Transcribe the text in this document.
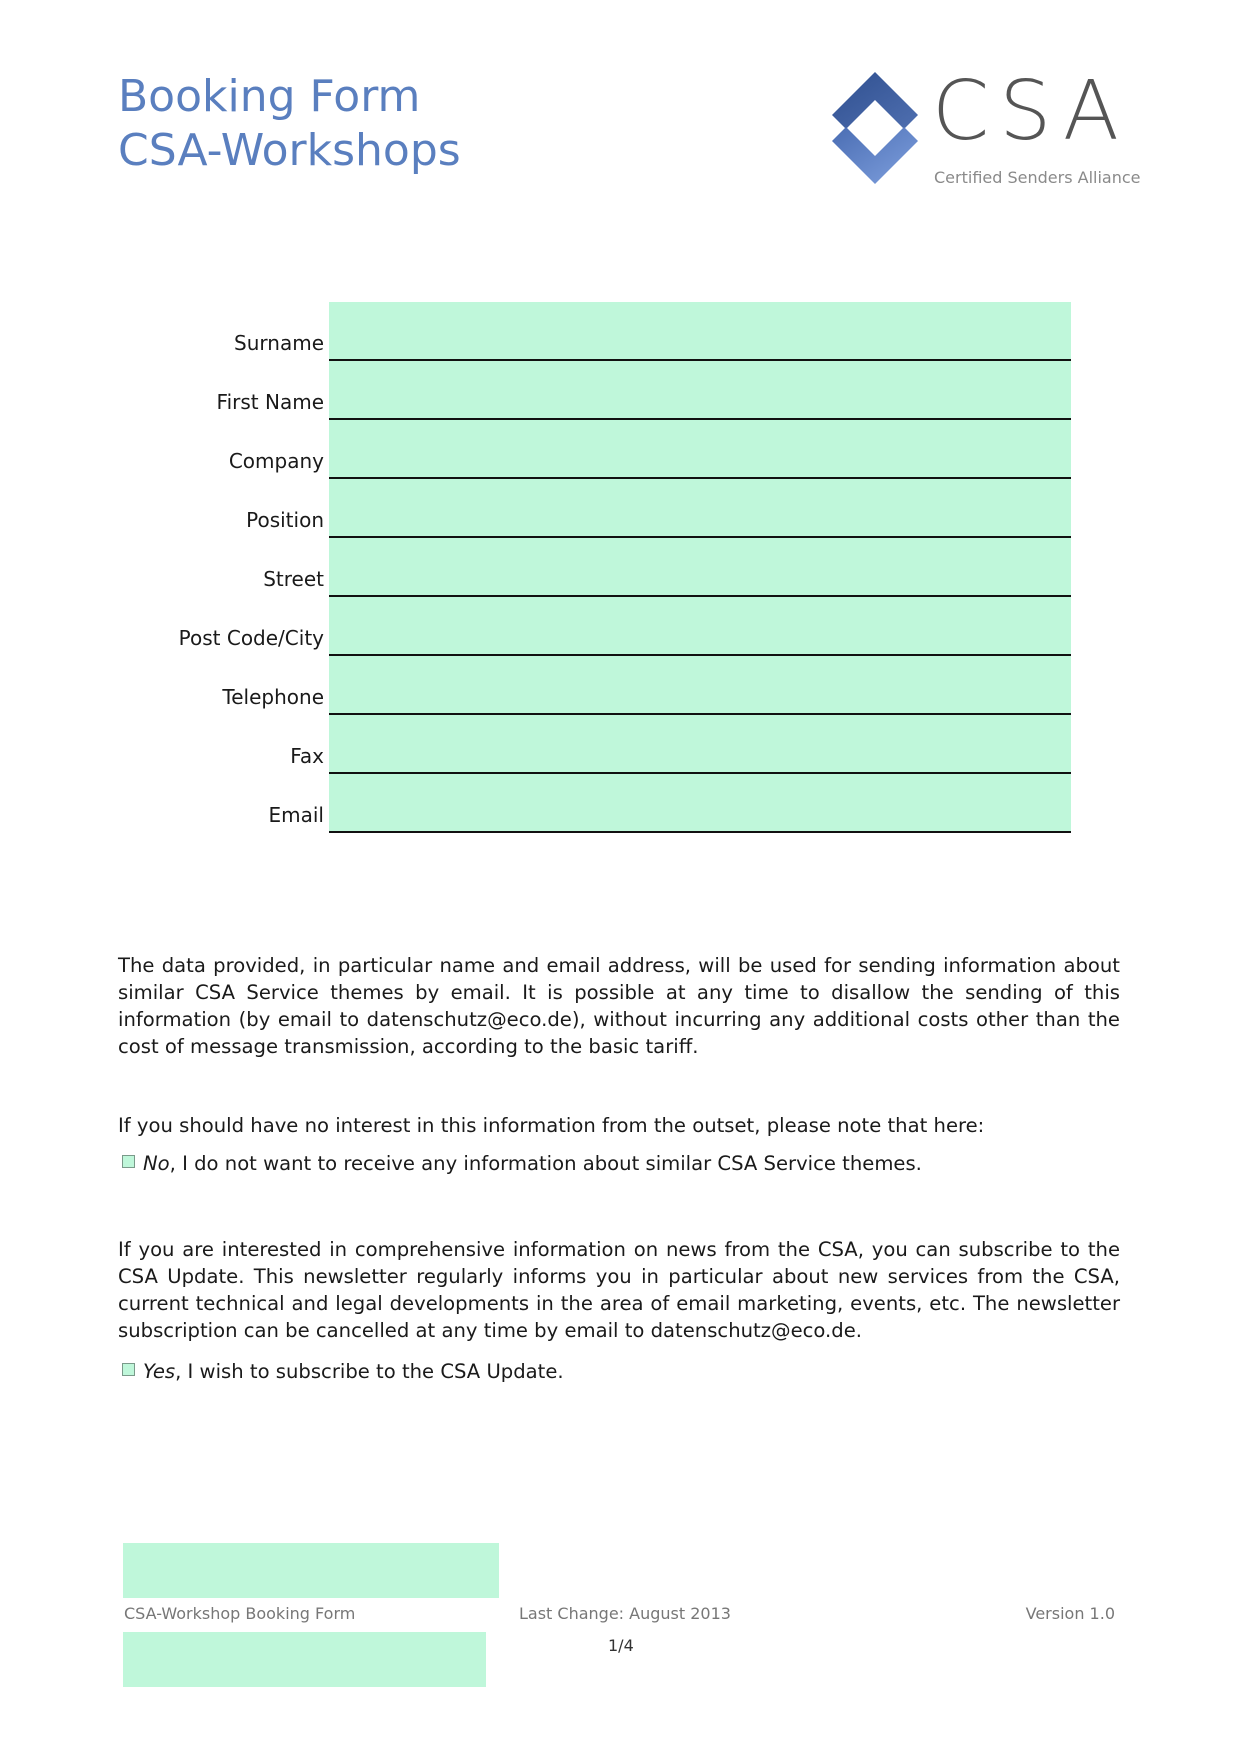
Booking Form
CSA-Workshops	CSA
Certified Senders Alliance
Surname
First Name
Company
Position
Street
Post Code/City
Telephone
Fax
Email
The data provided, in particular name and email address, will be used for sending information about similar CSA Service themes by email. It is possible at any time to disallow the sending of this information (by email to datenschutz@eco.de), without incurring any additional costs other than the cost of message transmission, according to the basic tariff.
If you should have no interest in this information from the outset, please note that here:
No, I do not want to receive any information about similar CSA Service themes.
If you are interested in comprehensive information on news from the CSA, you can subscribe to the CSA Update. This newsletter regularly informs you in particular about new services from the CSA, current technical and legal developments in the area of email marketing, events, etc. The newsletter subscription can be cancelled at any time by email to datenschutz@eco.de.
Yes, I wish to subscribe to the CSA Update.
CSA-Workshop Booking Form	Last Change: August 2013	Version 1.0
1/4
